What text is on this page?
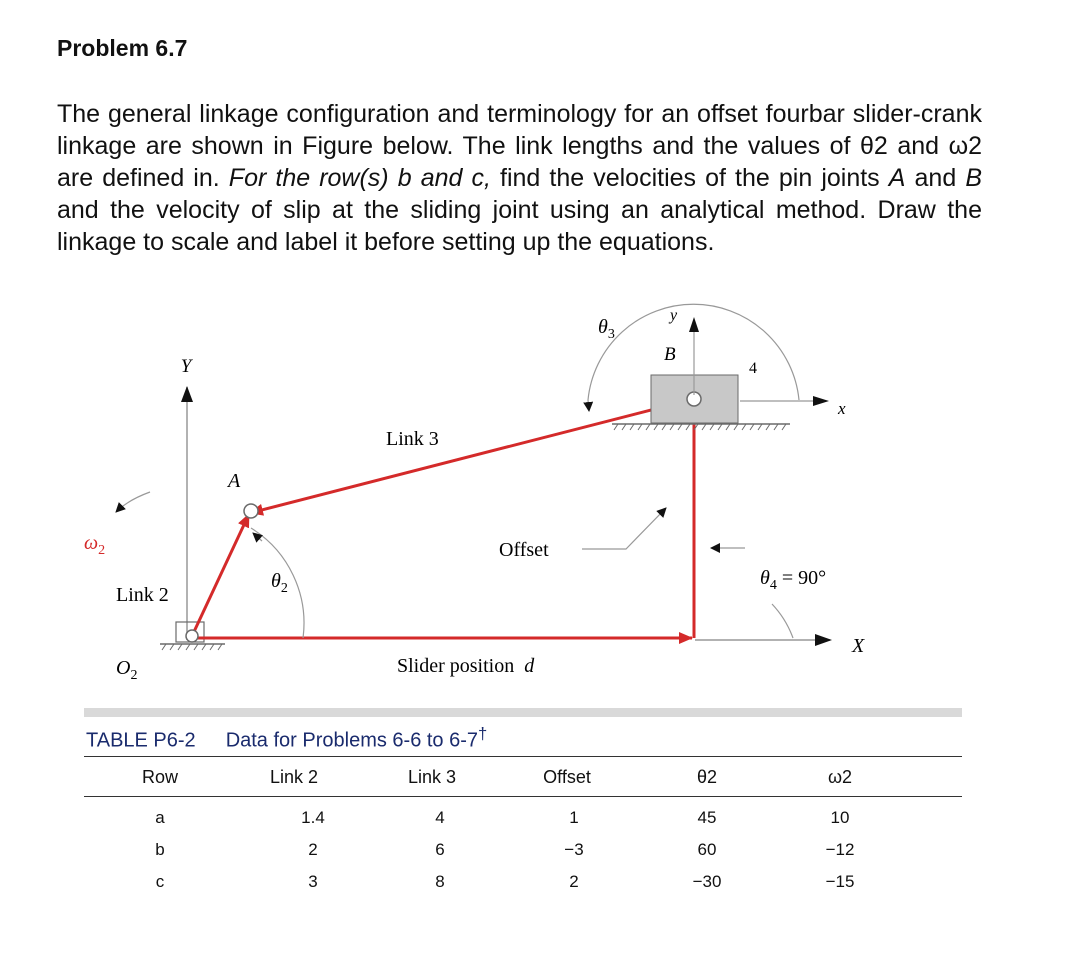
Problem 6.7
The general linkage configuration and terminology for an offset fourbar slider-crank linkage are shown in Figure below. The link lengths and the values of θ2 and ω2 are defined in. For the row(s) b and c, find the velocities of the pin joints A and B and the velocity of slip at the sliding joint using an analytical method. Draw the linkage to scale and label it before setting up the equations.
Y
X
$O_2$
A
B
y
x
$\theta_3$
4
Link 3
Link 2
$\omega_2$
$\theta_2$
Offset
$\theta_4 = 90^\circ$
Slider position d
TABLE P6-2 Data for Problems 6-6 to 6-7†
Row	Link 2	Link 3	Offset	θ2	ω2
a	1.4	4	1	45	10
b	2	6	−3	60	−12
c	3	8	2	−30	−15
